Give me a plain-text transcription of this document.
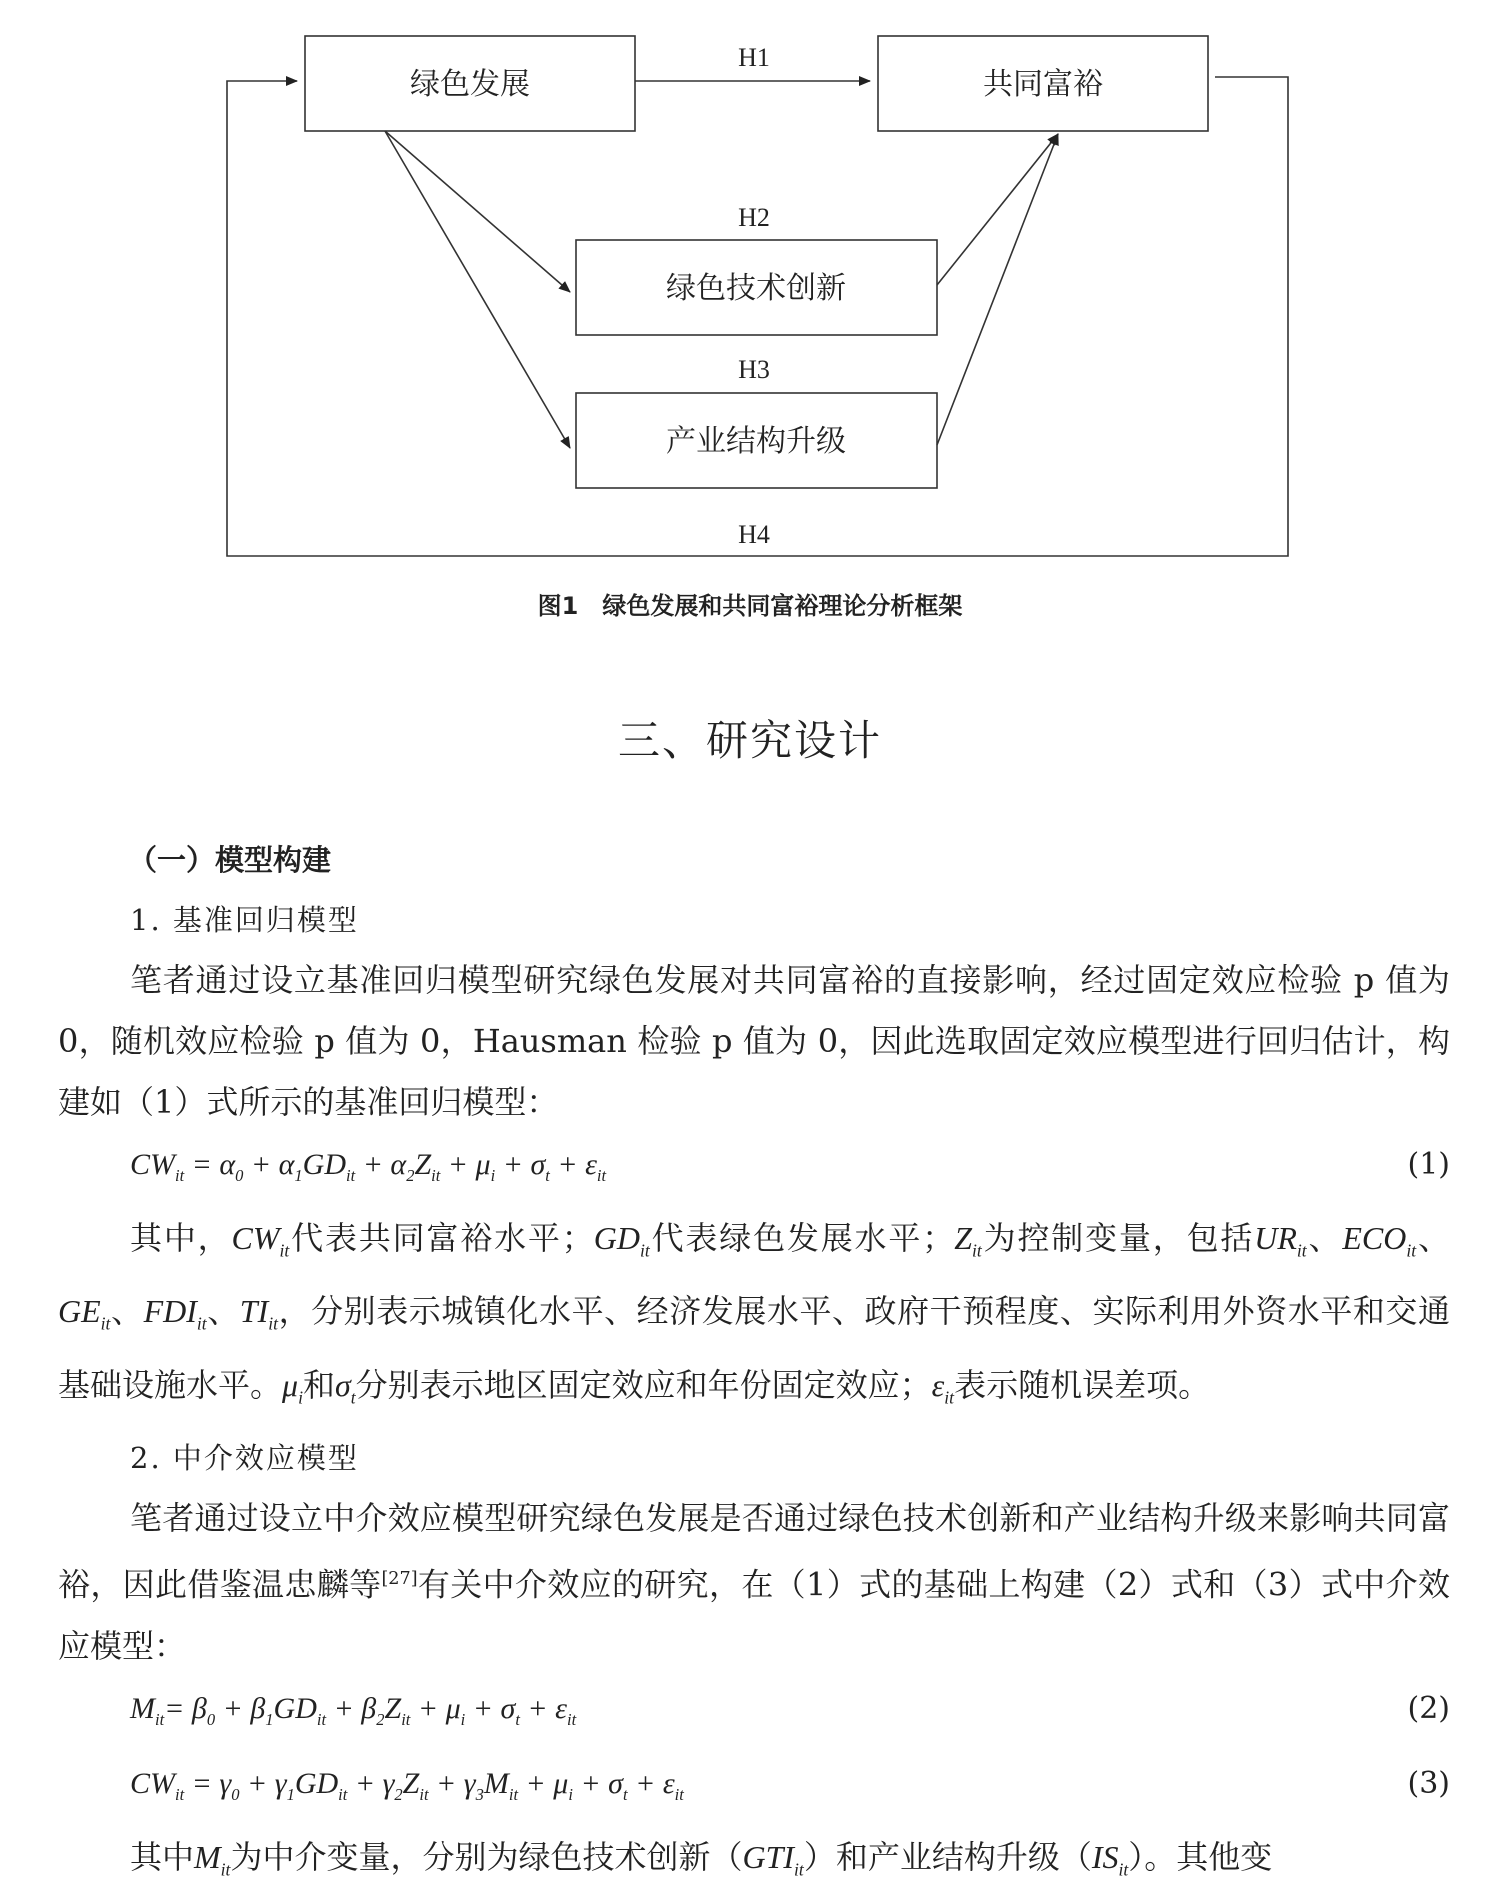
绿色发展	共同富裕
绿色技术创新
产业结构升级
H1
H2
H3
H4
图1 绿色发展和共同富裕理论分析框架
三、研究设计
（一）模型构建
1. 基准回归模型
笔者通过设立基准回归模型研究绿色发展对共同富裕的直接影响，经过固定效应检验 p 值为 0，随机效应检验 p 值为 0，Hausman 检验 p 值为 0，因此选取固定效应模型进行回归估计，构建如（1）式所示的基准回归模型：
$CW_{it} = \alpha_0 + \alpha_1GD_{it} + \alpha_2Z_{it} + \mu_i + \sigma_t + \varepsilon_{it}$	(1)
其中，$CW_{it}$代表共同富裕水平；$GD_{it}$代表绿色发展水平；$Z_{it}$为控制变量，包括$UR_{it}$、$ECO_{it}$、$GE_{it}$、$FDI_{it}$、$TI_{it}$，分别表示城镇化水平、经济发展水平、政府干预程度、实际利用外资水平和交通基础设施水平。$\mu_i$和$\sigma_t$分别表示地区固定效应和年份固定效应；$\varepsilon_{it}$表示随机误差项。
2. 中介效应模型
笔者通过设立中介效应模型研究绿色发展是否通过绿色技术创新和产业结构升级来影响共同富裕，因此借鉴温忠麟等[27]有关中介效应的研究，在（1）式的基础上构建（2）式和（3）式中介效应模型：
$M_{it}= \beta_0 + \beta_1GD_{it} + \beta_2Z_{it} + \mu_i + \sigma_t + \varepsilon_{it}$	(2)
$CW_{it} = \gamma_0 + \gamma_1GD_{it} + \gamma_2Z_{it} + \gamma_3M_{it} + \mu_i + \sigma_t + \varepsilon_{it}$	(3)
其中$M_{it}$为中介变量，分别为绿色技术创新$(GTI_{it})$和产业结构升级$(IS_{it})$。其他变
